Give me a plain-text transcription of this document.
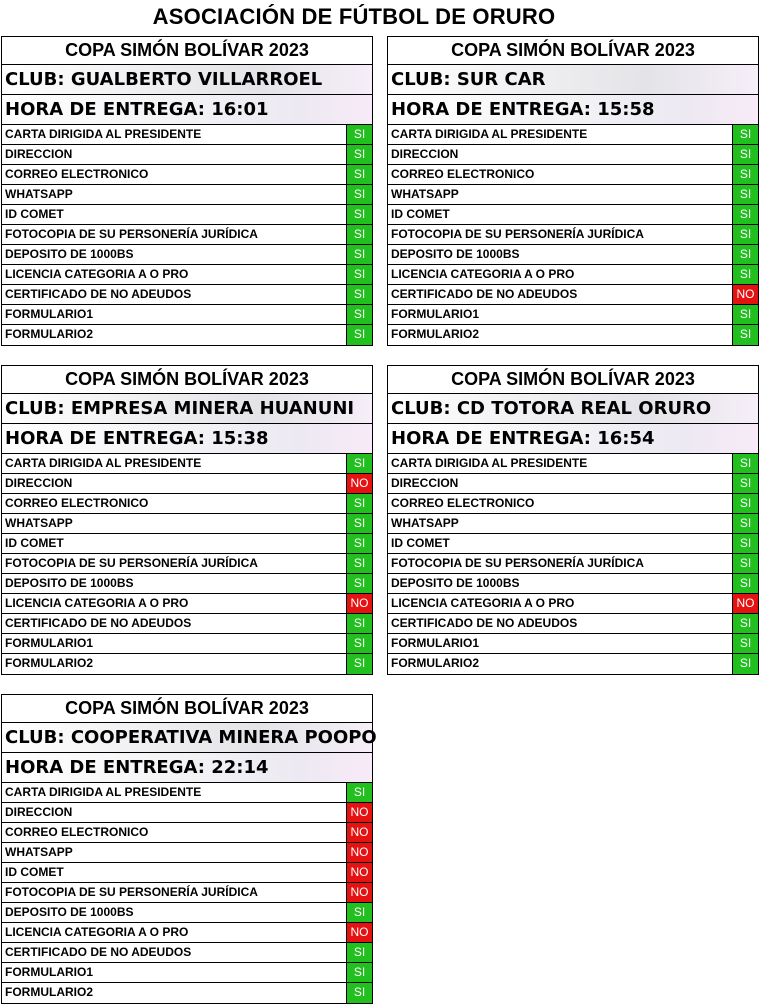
ASOCIACIÓN DE FÚTBOL DE ORURO
COPA SIMÓN BOLÍVAR 2023
CLUB: GUALBERTO VILLARROEL
HORA DE ENTREGA: 16:01
CARTA DIRIGIDA AL PRESIDENTE	SI
DIRECCION	SI
CORREO ELECTRONICO	SI
WHATSAPP	SI
ID COMET	SI
FOTOCOPIA DE SU PERSONERÍA JURÍDICA	SI
DEPOSITO DE 1000BS	SI
LICENCIA CATEGORIA A O PRO	SI
CERTIFICADO DE NO ADEUDOS	SI
FORMULARIO1	SI
FORMULARIO2	SI
COPA SIMÓN BOLÍVAR 2023
CLUB: SUR CAR
HORA DE ENTREGA: 15:58
CARTA DIRIGIDA AL PRESIDENTE	SI
DIRECCION	SI
CORREO ELECTRONICO	SI
WHATSAPP	SI
ID COMET	SI
FOTOCOPIA DE SU PERSONERÍA JURÍDICA	SI
DEPOSITO DE 1000BS	SI
LICENCIA CATEGORIA A O PRO	SI
CERTIFICADO DE NO ADEUDOS	NO
FORMULARIO1	SI
FORMULARIO2	SI
COPA SIMÓN BOLÍVAR 2023
CLUB: EMPRESA MINERA HUANUNI
HORA DE ENTREGA: 15:38
CARTA DIRIGIDA AL PRESIDENTE	SI
DIRECCION	NO
CORREO ELECTRONICO	SI
WHATSAPP	SI
ID COMET	SI
FOTOCOPIA DE SU PERSONERÍA JURÍDICA	SI
DEPOSITO DE 1000BS	SI
LICENCIA CATEGORIA A O PRO	NO
CERTIFICADO DE NO ADEUDOS	SI
FORMULARIO1	SI
FORMULARIO2	SI
COPA SIMÓN BOLÍVAR 2023
CLUB: CD TOTORA REAL ORURO
HORA DE ENTREGA: 16:54
CARTA DIRIGIDA AL PRESIDENTE	SI
DIRECCION	SI
CORREO ELECTRONICO	SI
WHATSAPP	SI
ID COMET	SI
FOTOCOPIA DE SU PERSONERÍA JURÍDICA	SI
DEPOSITO DE 1000BS	SI
LICENCIA CATEGORIA A O PRO	NO
CERTIFICADO DE NO ADEUDOS	SI
FORMULARIO1	SI
FORMULARIO2	SI
COPA SIMÓN BOLÍVAR 2023
CLUB: COOPERATIVA MINERA POOPO
HORA DE ENTREGA: 22:14
CARTA DIRIGIDA AL PRESIDENTE	SI
DIRECCION	NO
CORREO ELECTRONICO	NO
WHATSAPP	NO
ID COMET	NO
FOTOCOPIA DE SU PERSONERÍA JURÍDICA	NO
DEPOSITO DE 1000BS	SI
LICENCIA CATEGORIA A O PRO	NO
CERTIFICADO DE NO ADEUDOS	SI
FORMULARIO1	SI
FORMULARIO2	SI
